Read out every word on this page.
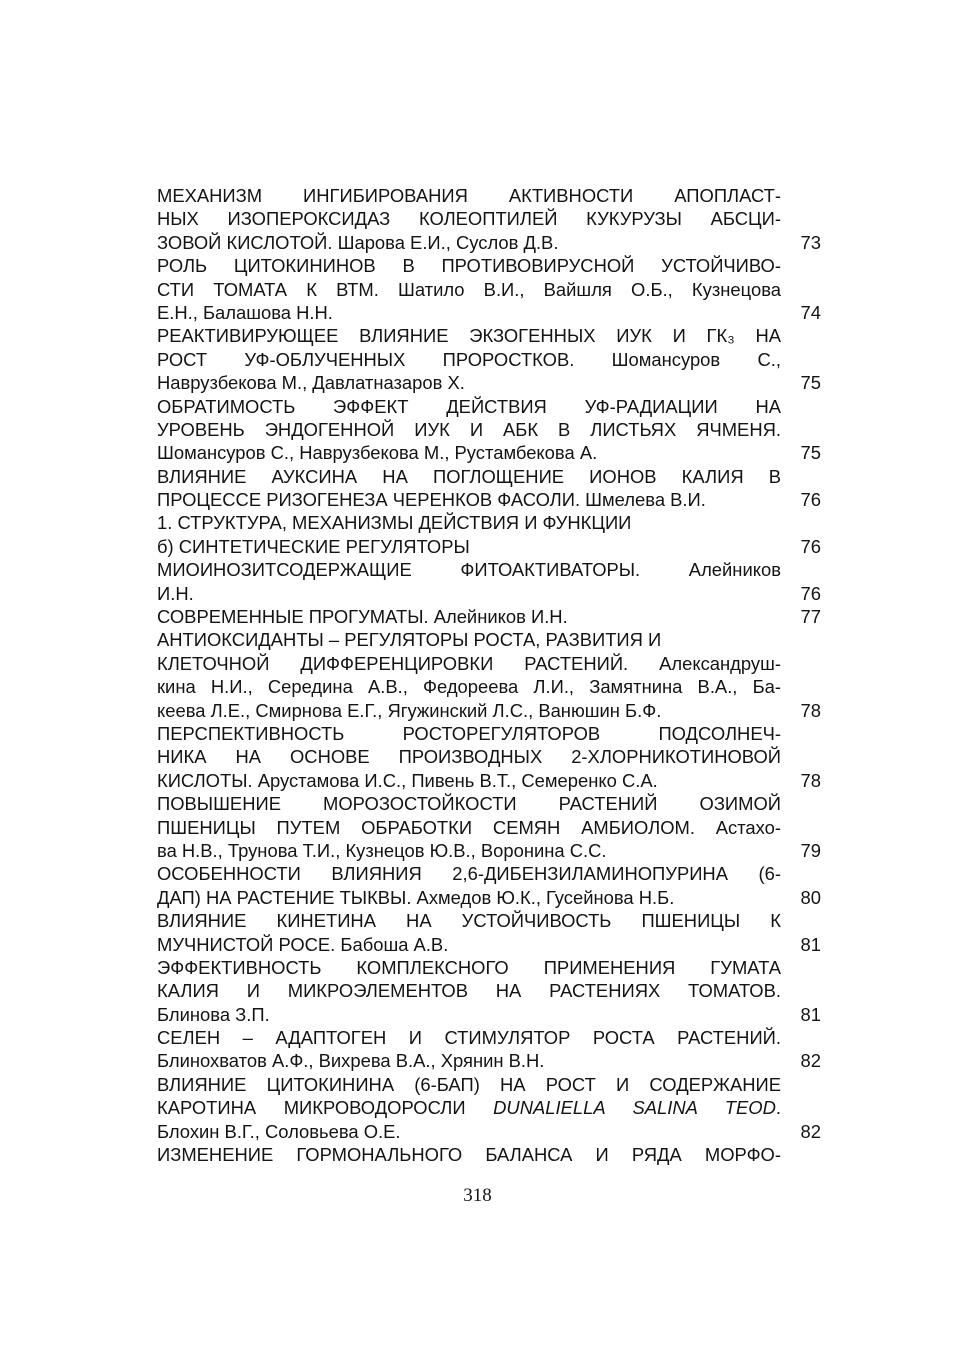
МЕХАНИЗМ ИНГИБИРОВАНИЯ АКТИВНОСТИ АПОПЛАСТ-
НЫХ ИЗОПЕРОКСИДАЗ КОЛЕОПТИЛЕЙ КУКУРУЗЫ АБСЦИ-
ЗОВОЙ КИСЛОТОЙ. Шарова Е.И., Суслов Д.В.	73
РОЛЬ ЦИТОКИНИНОВ В ПРОТИВОВИРУСНОЙ УСТОЙЧИВО-
СТИ ТОМАТА К ВТМ. Шатило В.И., Вайшля О.Б., Кузнецова
Е.Н., Балашова Н.Н.	74
РЕАКТИВИРУЮЩЕЕ ВЛИЯНИЕ ЭКЗОГЕННЫХ ИУК И ГК₃ НА
РОСТ УФ-ОБЛУЧЕННЫХ ПРОРОСТКОВ. Шомансуров С.,
Наврузбекова М., Давлатназаров Х.	75
ОБРАТИМОСТЬ ЭФФЕКТ ДЕЙСТВИЯ УФ-РАДИАЦИИ НА
УРОВЕНЬ ЭНДОГЕННОЙ ИУК И АБК В ЛИСТЬЯХ ЯЧМЕНЯ.
Шомансуров С., Наврузбекова М., Рустамбекова А.	75
ВЛИЯНИЕ АУКСИНА НА ПОГЛОЩЕНИЕ ИОНОВ КАЛИЯ В
ПРОЦЕССЕ РИЗОГЕНЕЗА ЧЕРЕНКОВ ФАСОЛИ. Шмелева В.И.	76
1. СТРУКТУРА, МЕХАНИЗМЫ ДЕЙСТВИЯ И ФУНКЦИИ
б) СИНТЕТИЧЕСКИЕ РЕГУЛЯТОРЫ	76
МИОИНОЗИТСОДЕРЖАЩИЕ ФИТОАКТИВАТОРЫ. Алейников
И.Н.	76
СОВРЕМЕННЫЕ ПРОГУМАТЫ. Алейников И.Н.	77
АНТИОКСИДАНТЫ – РЕГУЛЯТОРЫ РОСТА, РАЗВИТИЯ И
КЛЕТОЧНОЙ ДИФФЕРЕНЦИРОВКИ РАСТЕНИЙ. Александруш-
кина Н.И., Середина А.В., Федореева Л.И., Замятнина В.А., Ба-
кеева Л.Е., Смирнова Е.Г., Ягужинский Л.С., Ванюшин Б.Ф.	78
ПЕРСПЕКТИВНОСТЬ РОСТОРЕГУЛЯТОРОВ ПОДСОЛНЕЧ-
НИКА НА ОСНОВЕ ПРОИЗВОДНЫХ 2-ХЛОРНИКОТИНОВОЙ
КИСЛОТЫ. Арустамова И.С., Пивень В.Т., Семеренко С.А.	78
ПОВЫШЕНИЕ МОРОЗОСТОЙКОСТИ РАСТЕНИЙ ОЗИМОЙ
ПШЕНИЦЫ ПУТЕМ ОБРАБОТКИ СЕМЯН АМБИОЛОМ. Астахо-
ва Н.В., Трунова Т.И., Кузнецов Ю.В., Воронина С.С.	79
ОСОБЕННОСТИ ВЛИЯНИЯ 2,6-ДИБЕНЗИЛАМИНОПУРИНА (6-
ДАП) НА РАСТЕНИЕ ТЫКВЫ. Ахмедов Ю.К., Гусейнова Н.Б.	80
ВЛИЯНИЕ КИНЕТИНА НА УСТОЙЧИВОСТЬ ПШЕНИЦЫ К
МУЧНИСТОЙ РОСЕ. Бабоша А.В.	81
ЭФФЕКТИВНОСТЬ КОМПЛЕКСНОГО ПРИМЕНЕНИЯ ГУМАТА
КАЛИЯ И МИКРОЭЛЕМЕНТОВ НА РАСТЕНИЯХ ТОМАТОВ.
Блинова З.П.	81
СЕЛЕН – АДАПТОГЕН И СТИМУЛЯТОР РОСТА РАСТЕНИЙ.
Блинохватов А.Ф., Вихрева В.А., Хрянин В.Н.	82
ВЛИЯНИЕ ЦИТОКИНИНА (6-БАП) НА РОСТ И СОДЕРЖАНИЕ
КАРОТИНА МИКРОВОДОРОСЛИ DUNALIELLA SALINA TEOD.
Блохин В.Г., Соловьева О.Е.	82
ИЗМЕНЕНИЕ ГОРМОНАЛЬНОГО БАЛАНСА И РЯДА МОРФО-
318
